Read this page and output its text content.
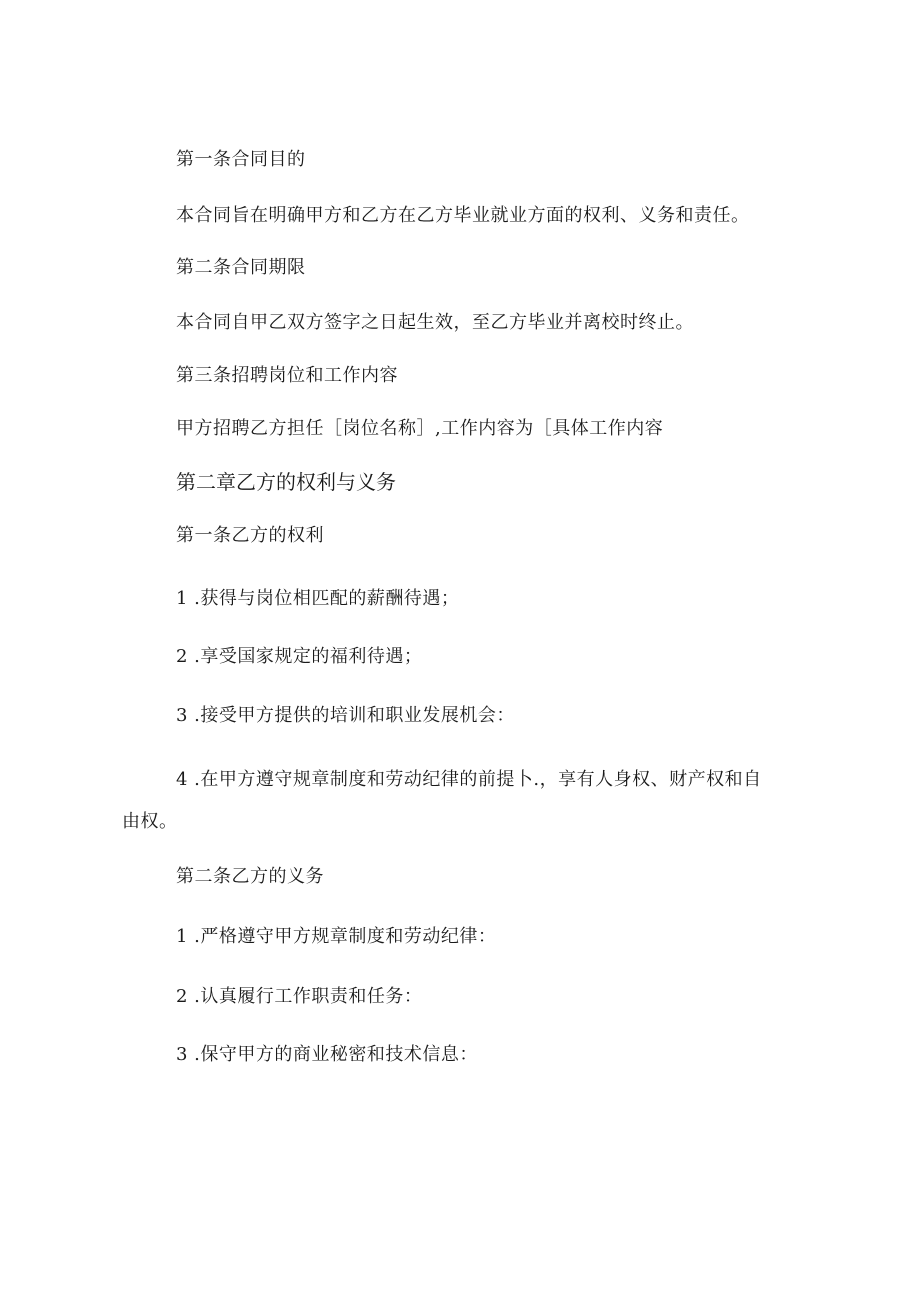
第一条合同目的
本合同旨在明确甲方和乙方在乙方毕业就业方面的权利、义务和责任。
第二条合同期限
本合同自甲乙双方签字之日起生效，至乙方毕业并离校时终止。
第三条招聘岗位和工作内容
甲方招聘乙方担任［岗位名称］,工作内容为［具体工作内容
第二章乙方的权利与义务
第一条乙方的权利
1 .获得与岗位相匹配的薪酬待遇；
2 .享受国家规定的福利待遇；
3 .接受甲方提供的培训和职业发展机会：
4 .在甲方遵守规章制度和劳动纪律的前提卜.，享有人身权、财产权和自
由权。
第二条乙方的义务
1 .严格遵守甲方规章制度和劳动纪律：
2 .认真履行工作职责和任务：
3 .保守甲方的商业秘密和技术信息：
